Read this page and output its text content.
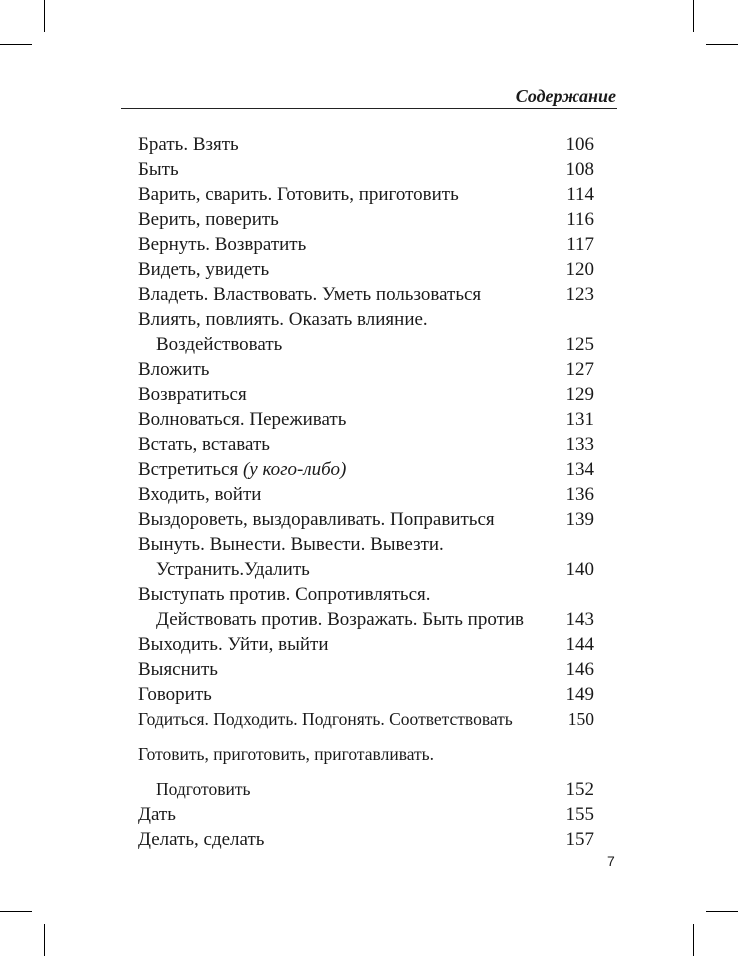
Содержание
Брать. Взять	106
Быть	108
Варить, сварить. Готовить, приготовить	114
Верить, поверить	116
Вернуть. Возвратить	117
Видеть, увидеть	120
Владеть. Властвовать. Уметь пользоваться	123
Влиять, повлиять. Оказать влияние.
Воздействовать	125
Вложить	127
Возвратиться	129
Волноваться. Переживать	131
Встать, вставать	133
Встретиться (у кого-либо)	134
Входить, войти	136
Выздороветь, выздоравливать. Поправиться	139
Вынуть. Вынести. Вывести. Вывезти.
Устранить.Удалить	140
Выступать против. Сопротивляться.
Действовать против. Возражать. Быть против 143
Выходить. Уйти, выйти	144
Выяснить	146
Говорить	149
Годиться. Подходить. Подгонять. Соответствовать	150
Готовить, приготовить, приготавливать.
Подготовить	152
Дать	155
Делать, сделать	157
7
